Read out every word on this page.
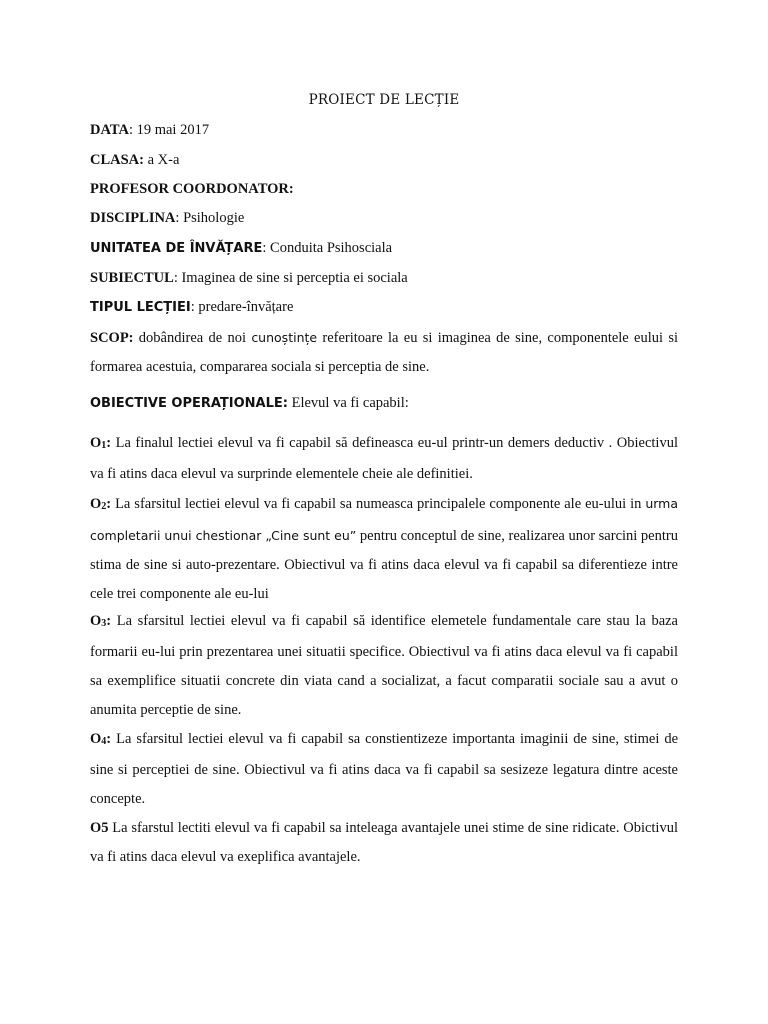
PROIECT DE LECȚIE
DATA: 19 mai 2017
CLASA: a X-a
PROFESOR COORDONATOR:
DISCIPLINA: Psihologie
UNITATEA DE ÎNVĂȚARE: Conduita Psihosciala
SUBIECTUL: Imaginea de sine si perceptia ei sociala
TIPUL LECȚIEI: predare-învățare
SCOP: dobândirea de noi cunoștințe referitoare la eu si imaginea de sine, componentele eului si formarea acestuia, compararea sociala si perceptia de sine.
OBIECTIVE OPERAȚIONALE: Elevul va fi capabil:
O1: La finalul lectiei elevul va fi capabil să defineasca eu-ul printr-un demers deductiv . Obiectivul va fi atins daca elevul va surprinde elementele cheie ale definitiei.
O2: La sfarsitul lectiei elevul va fi capabil sa numeasca principalele componente ale eu-ului in urma completarii unui chestionar „Cine sunt eu” pentru conceptul de sine, realizarea unor sarcini pentru stima de sine si auto-prezentare. Obiectivul va fi atins daca elevul va fi capabil sa diferentieze intre cele trei componente ale eu-lui
O3: La sfarsitul lectiei elevul va fi capabil să identifice elemetele fundamentale care stau la baza formarii eu-lui prin prezentarea unei situatii specifice. Obiectivul va fi atins daca elevul va fi capabil sa exemplifice situatii concrete din viata cand a socializat, a facut comparatii sociale sau a avut o anumita perceptie de sine.
O4: La sfarsitul lectiei elevul va fi capabil sa constientizeze importanta imaginii de sine, stimei de sine si perceptiei de sine. Obiectivul va fi atins daca va fi capabil sa sesizeze legatura dintre aceste concepte.
O5 La sfarstul lectiti elevul va fi capabil sa inteleaga avantajele unei stime de sine ridicate. Obictivul va fi atins daca elevul va exeplifica avantajele.
